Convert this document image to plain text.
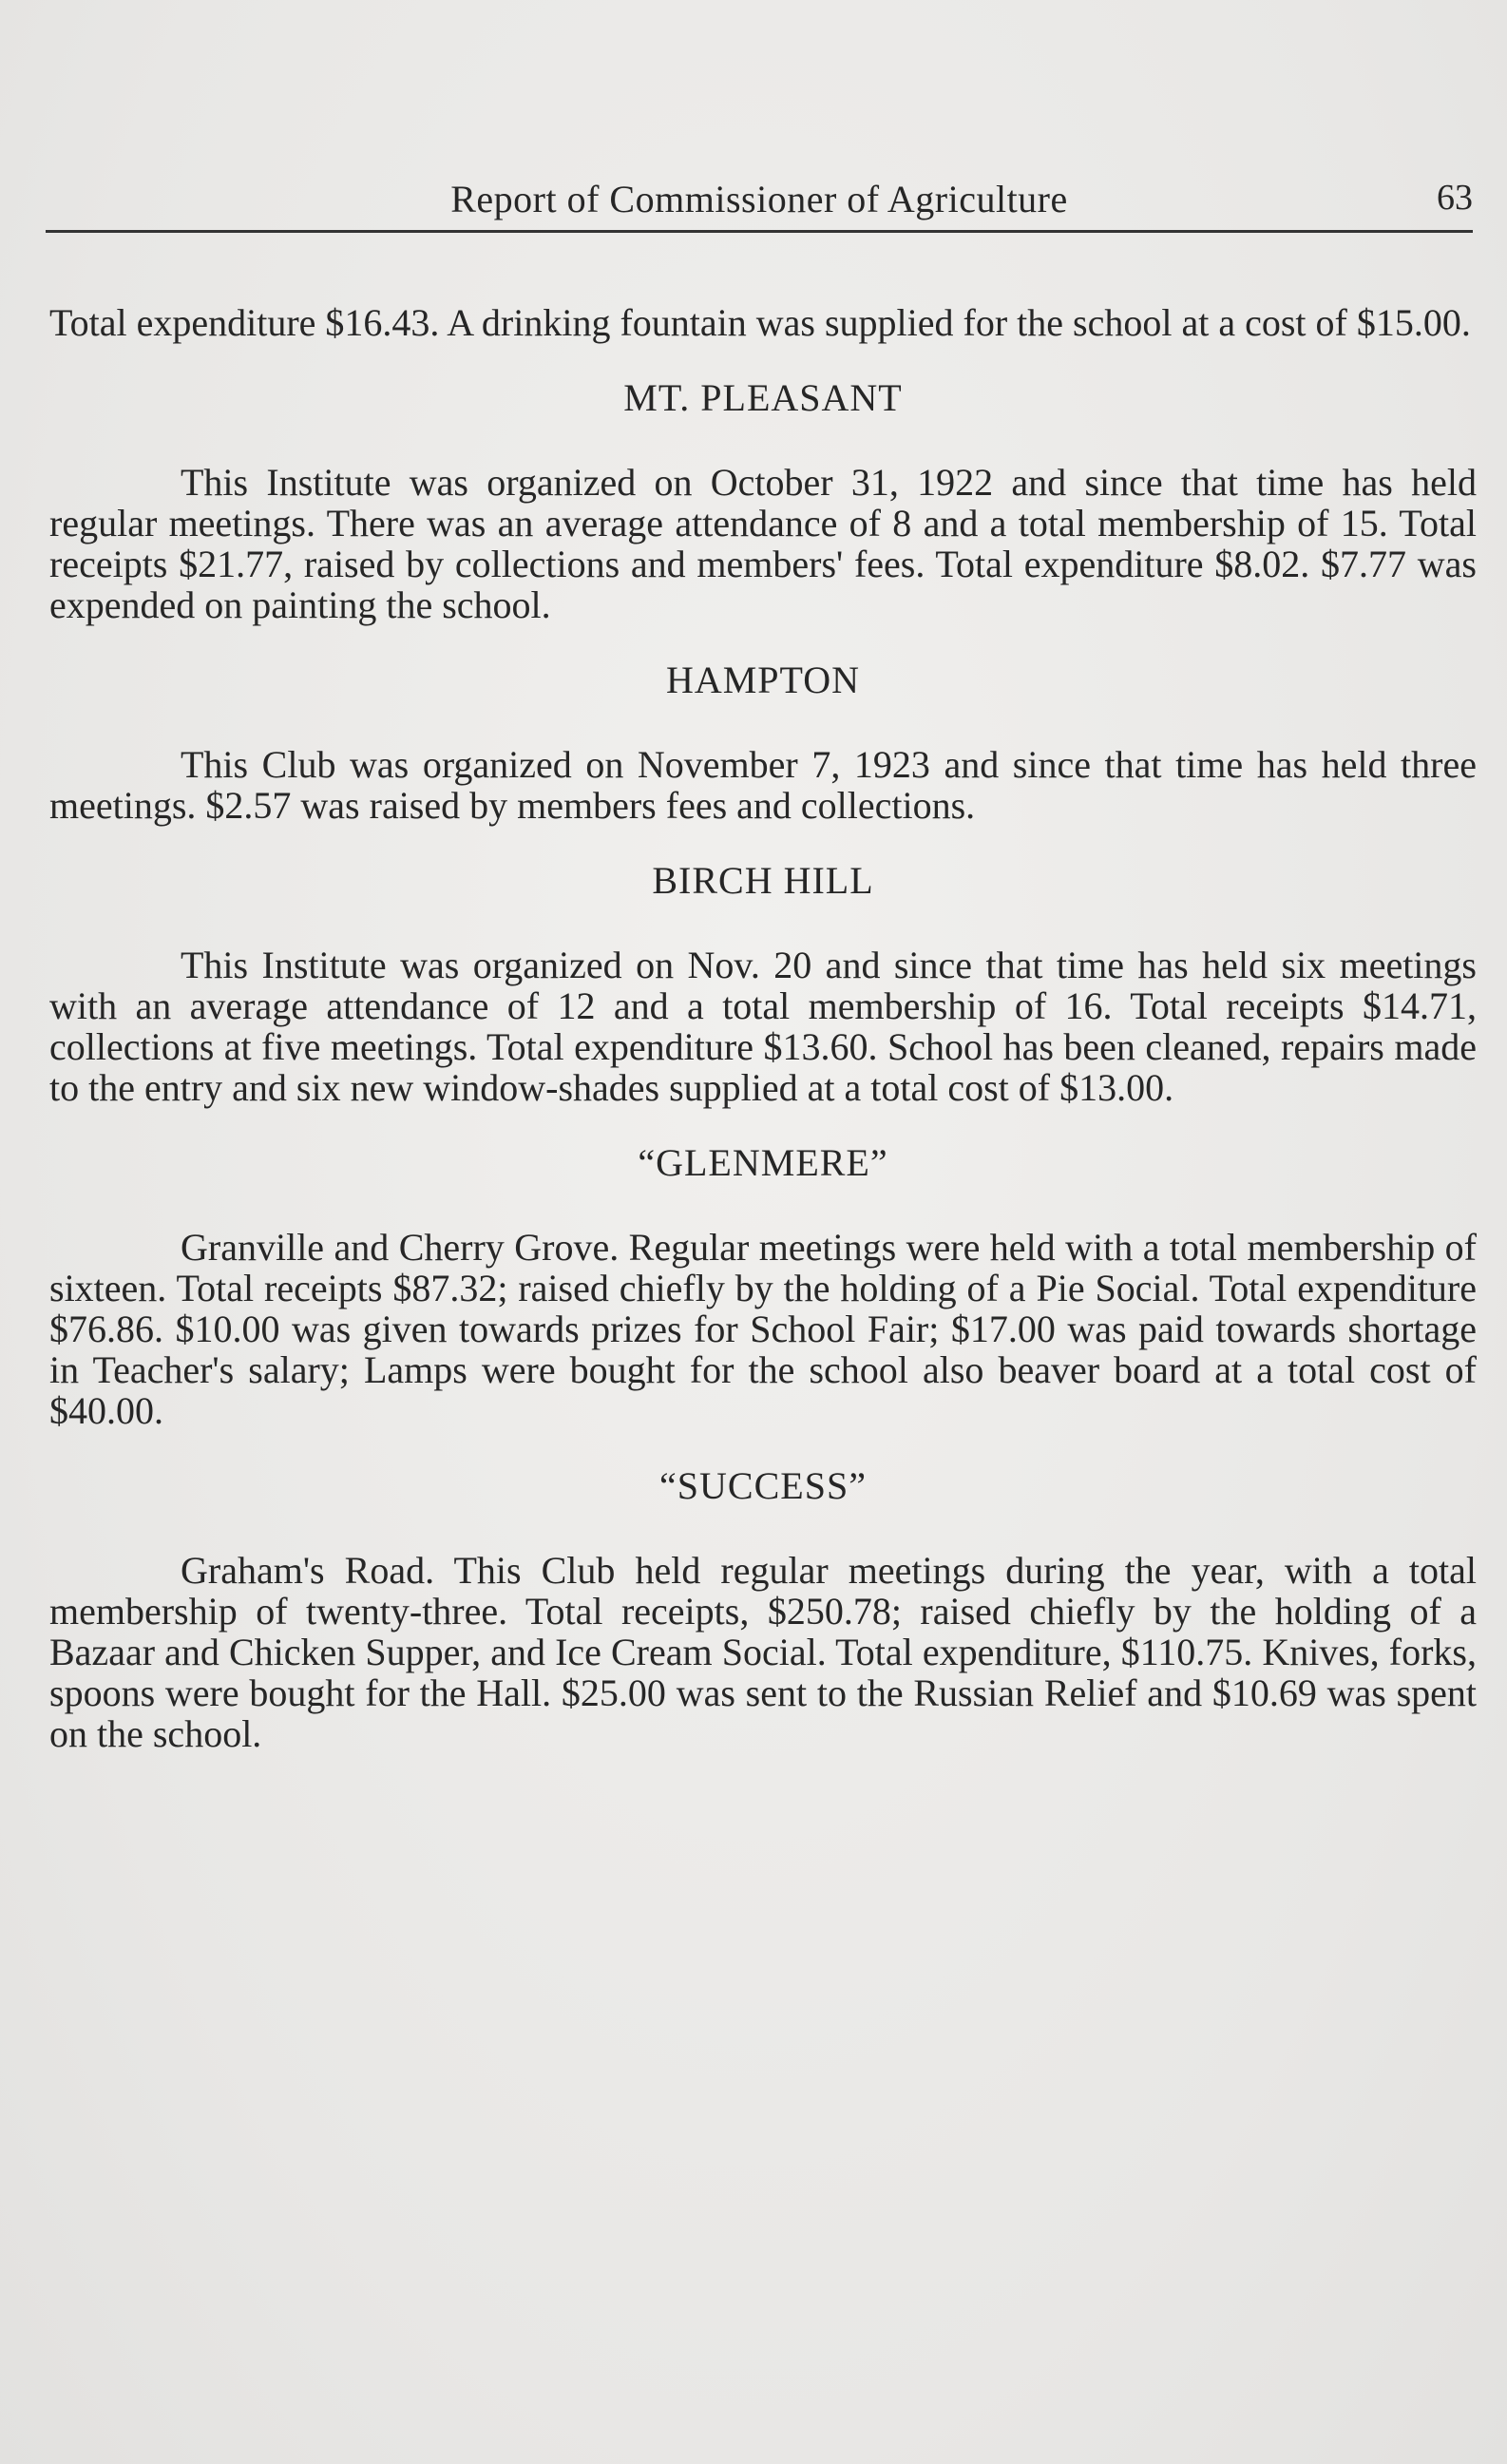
Report of Commissioner of Agriculture	63

Total expenditure $16.43. A drinking fountain was supplied for the school at a cost of $15.00.

MT. PLEASANT

This Institute was organized on October 31, 1922 and since that time has held regular meetings. There was an average attendance of 8 and a total membership of 15. Total receipts $21.77, raised by collections and members' fees. Total expenditure $8.02. $7.77 was expended on painting the school.

HAMPTON

This Club was organized on November 7, 1923 and since that time has held three meetings. $2.57 was raised by members fees and collections.

BIRCH HILL

This Institute was organized on Nov. 20 and since that time has held six meetings with an average attendance of 12 and a total membership of 16. Total receipts $14.71, collections at five meetings. Total expenditure $13.60. School has been cleaned, repairs made to the entry and six new window-shades supplied at a total cost of $13.00.

“GLENMERE”

Granville and Cherry Grove. Regular meetings were held with a total membership of sixteen. Total receipts $87.32; raised chiefly by the holding of a Pie Social. Total expenditure $76.86. $10.00 was given towards prizes for School Fair; $17.00 was paid towards shortage in Teacher's salary; Lamps were bought for the school also beaver board at a total cost of $40.00.

“SUCCESS”

Graham's Road. This Club held regular meetings during the year, with a total membership of twenty-three. Total receipts, $250.78; raised chiefly by the holding of a Bazaar and Chicken Supper, and Ice Cream Social. Total expenditure, $110.75. Knives, forks, spoons were bought for the Hall. $25.00 was sent to the Russian Relief and $10.69 was spent on the school.
